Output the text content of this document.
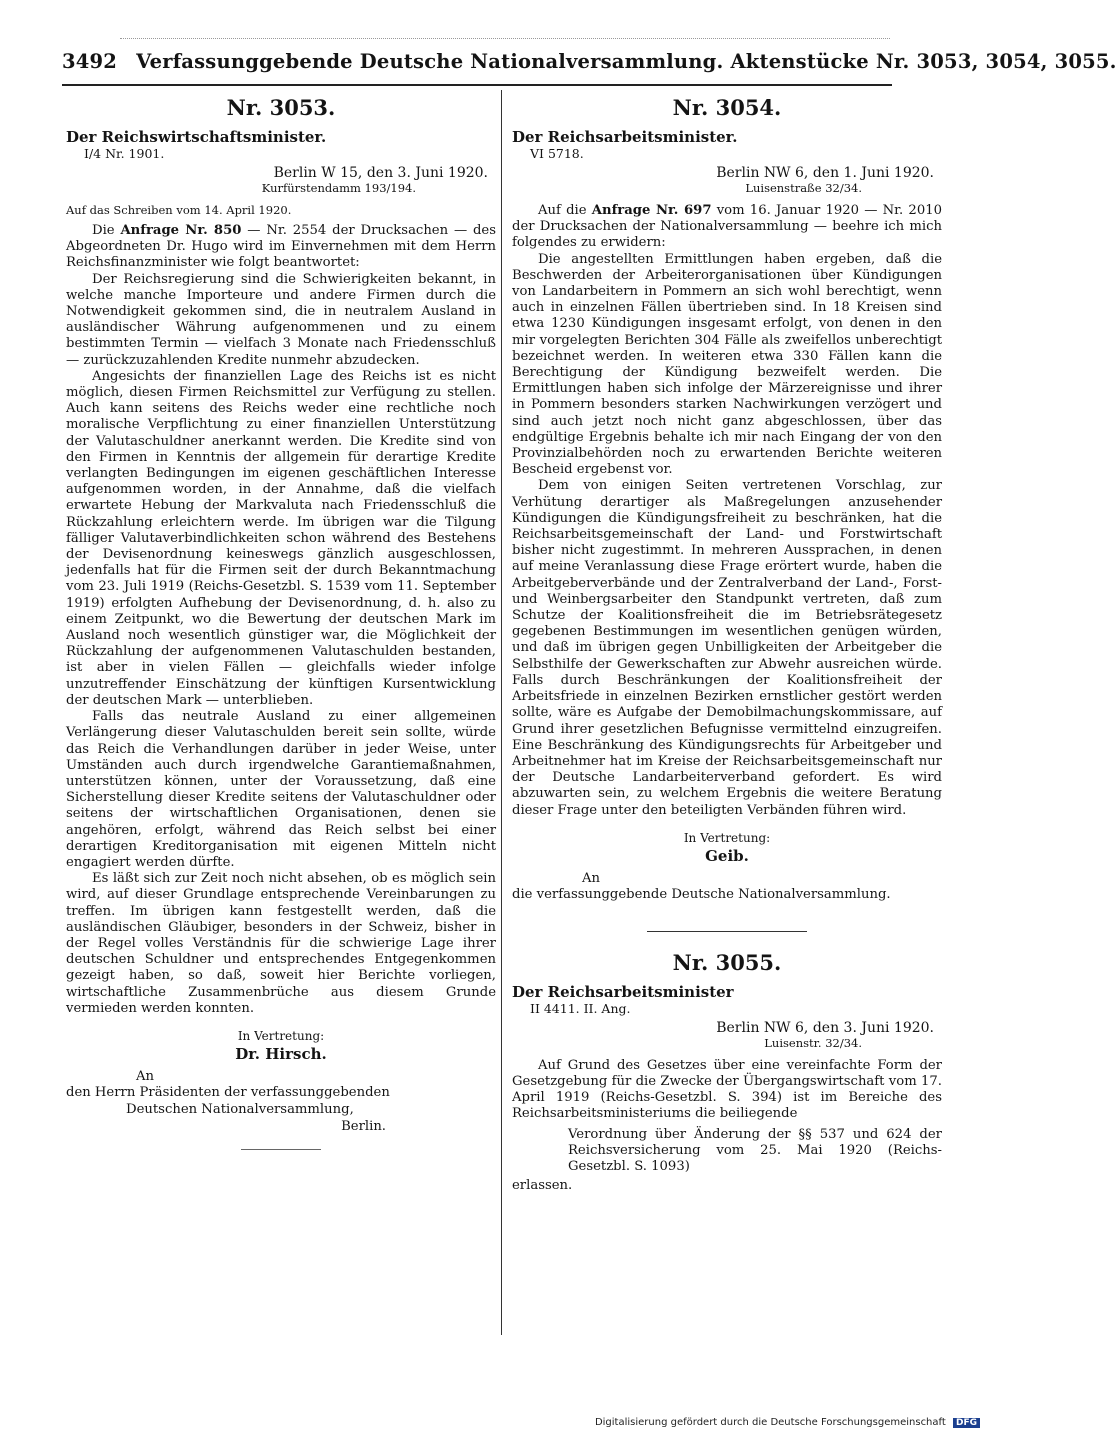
3492 Verfassunggebende Deutsche Nationalversammlung. Aktenstücke Nr. 3053, 3054, 3055.
Nr. 3053.
Der Reichswirtschaftsminister.
I/4 Nr. 1901.
Berlin W 15, den 3. Juni 1920.
Kurfürstendamm 193/194.
Auf das Schreiben vom 14. April 1920.

Die Anfrage Nr. 850 — Nr. 2554 der Drucksachen — des Abgeordneten Dr. Hugo wird im Einvernehmen mit dem Herrn Reichsfinanzminister wie folgt beantwortet:

Der Reichsregierung sind die Schwierigkeiten bekannt, in welche manche Importeure und andere Firmen durch die Notwendigkeit gekommen sind, die in neutralem Ausland in ausländischer Währung aufgenommenen und zu einem bestimmten Termin — vielfach 3 Monate nach Friedensschluß — zurückzuzahlenden Kredite nunmehr abzudecken.

Angesichts der finanziellen Lage des Reichs ist es nicht möglich, diesen Firmen Reichsmittel zur Verfügung zu stellen. Auch kann seitens des Reichs weder eine rechtliche noch moralische Verpflichtung zu einer finanziellen Unterstützung der Valutaschuldner anerkannt werden. Die Kredite sind von den Firmen in Kenntnis der allgemein für derartige Kredite verlangten Bedingungen im eigenen geschäftlichen Interesse aufgenommen worden, in der Annahme, daß die vielfach erwartete Hebung der Markvaluta nach Friedensschluß die Rückzahlung erleichtern werde. Im übrigen war die Tilgung fälliger Valutaverbindlichkeiten schon während des Bestehens der Devisenordnung keineswegs gänzlich ausgeschlossen, jedenfalls hat für die Firmen seit der durch Bekanntmachung vom 23. Juli 1919 (Reichs-Gesetzbl. S. 1539 vom 11. September 1919) erfolgten Aufhebung der Devisenordnung, d. h. also zu einem Zeitpunkt, wo die Bewertung der deutschen Mark im Ausland noch wesentlich günstiger war, die Möglichkeit der Rückzahlung der aufgenommenen Valutaschulden bestanden, ist aber in vielen Fällen — gleichfalls wieder infolge unzutreffender Einschätzung der künftigen Kursentwicklung der deutschen Mark — unterblieben.

Falls das neutrale Ausland zu einer allgemeinen Verlängerung dieser Valutaschulden bereit sein sollte, würde das Reich die Verhandlungen darüber in jeder Weise, unter Umständen auch durch irgendwelche Garantiemaßnahmen, unterstützen können, unter der Voraussetzung, daß eine Sicherstellung dieser Kredite seitens der Valutaschuldner oder seitens der wirtschaftlichen Organisationen, denen sie angehören, erfolgt, während das Reich selbst bei einer derartigen Kreditorganisation mit eigenen Mitteln nicht engagiert werden dürfte.

Es läßt sich zur Zeit noch nicht absehen, ob es möglich sein wird, auf dieser Grundlage entsprechende Vereinbarungen zu treffen. Im übrigen kann festgestellt werden, daß die ausländischen Gläubiger, besonders in der Schweiz, bisher in der Regel volles Verständnis für die schwierige Lage ihrer deutschen Schuldner und entsprechendes Entgegenkommen gezeigt haben, so daß, soweit hier Berichte vorliegen, wirtschaftliche Zusammenbrüche aus diesem Grunde vermieden werden konnten.

In Vertretung:
Dr. Hirsch.
An
den Herrn Präsidenten der verfassunggebenden
Deutschen Nationalversammlung,
Berlin.
Nr. 3054.
Der Reichsarbeitsminister.
VI 5718.
Berlin NW 6, den 1. Juni 1920.
Luisenstraße 32/34.

Auf die Anfrage Nr. 697 vom 16. Januar 1920 — Nr. 2010 der Drucksachen der Nationalversammlung — beehre ich mich folgendes zu erwidern:

Die angestellten Ermittlungen haben ergeben, daß die Beschwerden der Arbeiterorganisationen über Kündigungen von Landarbeitern in Pommern an sich wohl berechtigt, wenn auch in einzelnen Fällen übertrieben sind. In 18 Kreisen sind etwa 1230 Kündigungen insgesamt erfolgt, von denen in den mir vorgelegten Berichten 304 Fälle als zweifellos unberechtigt bezeichnet werden. In weiteren etwa 330 Fällen kann die Berechtigung der Kündigung bezweifelt werden. Die Ermittlungen haben sich infolge der Märzereignisse und ihrer in Pommern besonders starken Nachwirkungen verzögert und sind auch jetzt noch nicht ganz abgeschlossen, über das endgültige Ergebnis behalte ich mir nach Eingang der von den Provinzialbehörden noch zu erwartenden Berichte weiteren Bescheid ergebenst vor.

Dem von einigen Seiten vertretenen Vorschlag, zur Verhütung derartiger als Maßregelungen anzusehender Kündigungen die Kündigungsfreiheit zu beschränken, hat die Reichsarbeitsgemeinschaft der Land- und Forstwirtschaft bisher nicht zugestimmt. In mehreren Aussprachen, in denen auf meine Veranlassung diese Frage erörtert wurde, haben die Arbeitgeberverbände und der Zentralverband der Land-, Forst- und Weinbergsarbeiter den Standpunkt vertreten, daß zum Schutze der Koalitionsfreiheit die im Betriebsrätegesetz gegebenen Bestimmungen im wesentlichen genügen würden, und daß im übrigen gegen Unbilligkeiten der Arbeitgeber die Selbsthilfe der Gewerkschaften zur Abwehr ausreichen würde. Falls durch Beschränkungen der Koalitionsfreiheit der Arbeitsfriede in einzelnen Bezirken ernstlicher gestört werden sollte, wäre es Aufgabe der Demobilmachungskommissare, auf Grund ihrer gesetzlichen Befugnisse vermittelnd einzugreifen. Eine Beschränkung des Kündigungsrechts für Arbeitgeber und Arbeitnehmer hat im Kreise der Reichsarbeitsgemeinschaft nur der Deutsche Landarbeiterverband gefordert. Es wird abzuwarten sein, zu welchem Ergebnis die weitere Beratung dieser Frage unter den beteiligten Verbänden führen wird.

In Vertretung:
Geib.
An
die verfassunggebende Deutsche Nationalversammlung.
Nr. 3055.
Der Reichsarbeitsminister
II 4411. II. Ang.
Berlin NW 6, den 3. Juni 1920.
Luisenstr. 32/34.

Auf Grund des Gesetzes über eine vereinfachte Form der Gesetzgebung für die Zwecke der Übergangswirtschaft vom 17. April 1919 (Reichs-Gesetzbl. S. 394) ist im Bereiche des Reichsarbeitsministeriums die beiliegende

Verordnung über Änderung der §§ 537 und 624 der Reichsversicherung vom 25. Mai 1920 (Reichs-Gesetzbl. S. 1093)
erlassen.
Digitalisierung gefördert durch die Deutsche Forschungsgemeinschaft DFG
